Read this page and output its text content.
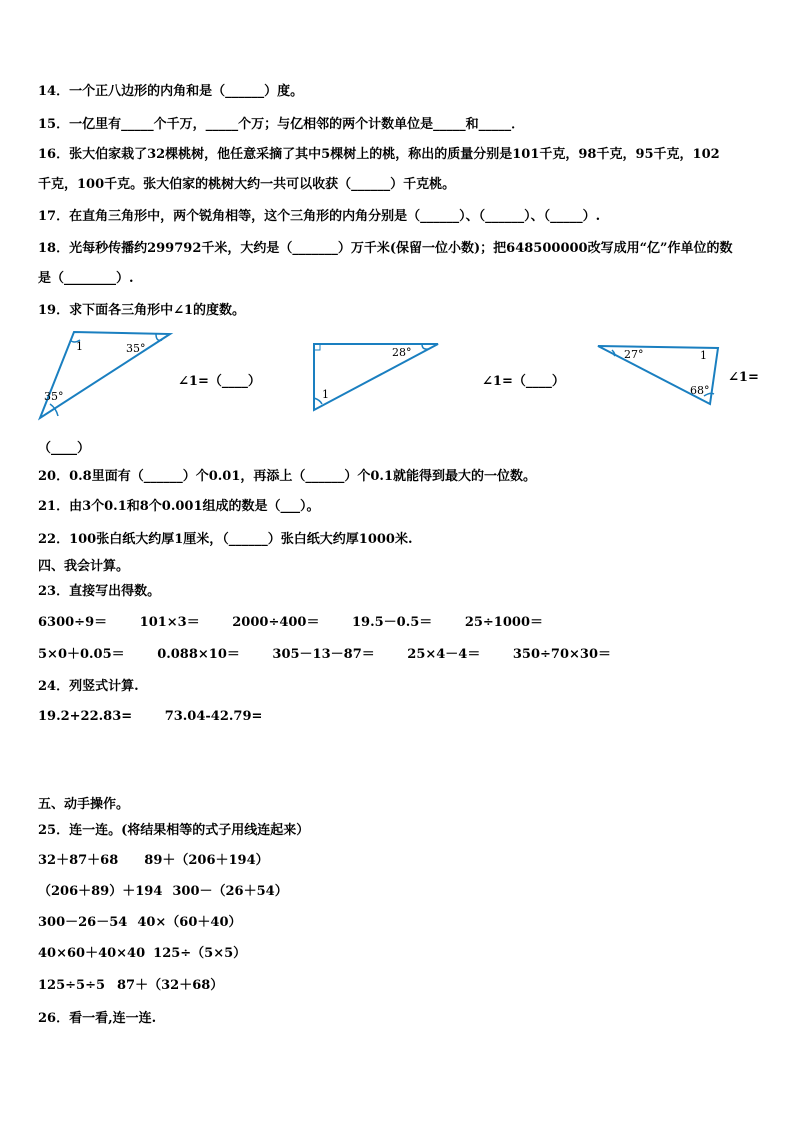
14．一个正八边形的内角和是（______）度。
15．一亿里有_____个千万，_____个万；与亿相邻的两个计数单位是_____和_____．
16．张大伯家栽了32棵桃树，他任意采摘了其中5棵树上的桃，称出的质量分别是101千克，98千克，95千克，102
千克，100千克。张大伯家的桃树大约一共可以收获（______）千克桃。
17．在直角三角形中，两个锐角相等，这个三角形的内角分别是（______）、（______）、（_____）.
18．光每秒传播约299792千米，大约是（_______）万千米(保留一位小数)；把648500000改写成用“亿”作单位的数
是（________）.
19．求下面各三角形中∠1的度数。
1	35°
35°
∠1=（____）
28°
1
∠1=（____）
27°	1
68°
∠1=
（____）
20．0.8里面有（______）个0.01，再添上（______）个0.1就能得到最大的一位数。
21．由3个0.1和8个0.001组成的数是（___）。
22．100张白纸大约厚1厘米，（______）张白纸大约厚1000米.
四、我会计算。
23．直接写出得数。
6300÷9＝	101×3＝	2000÷400＝	19.5－0.5＝	25÷1000＝
5×0＋0.05＝	0.088×10＝	305－13－87＝	25×4－4＝	350÷70×30＝
24．列竖式计算.
19.2+22.83=	73.04-42.79=
五、动手操作。
25．连一连。(将结果相等的式子用线连起来）
32＋87＋68 89＋（206＋194）
（206＋89）＋194 300－（26＋54）
300－26－54 40×（60＋40）
40×60＋40×40 125÷（5×5）
125÷5÷5 87＋（32＋68）
26．看一看,连一连.
